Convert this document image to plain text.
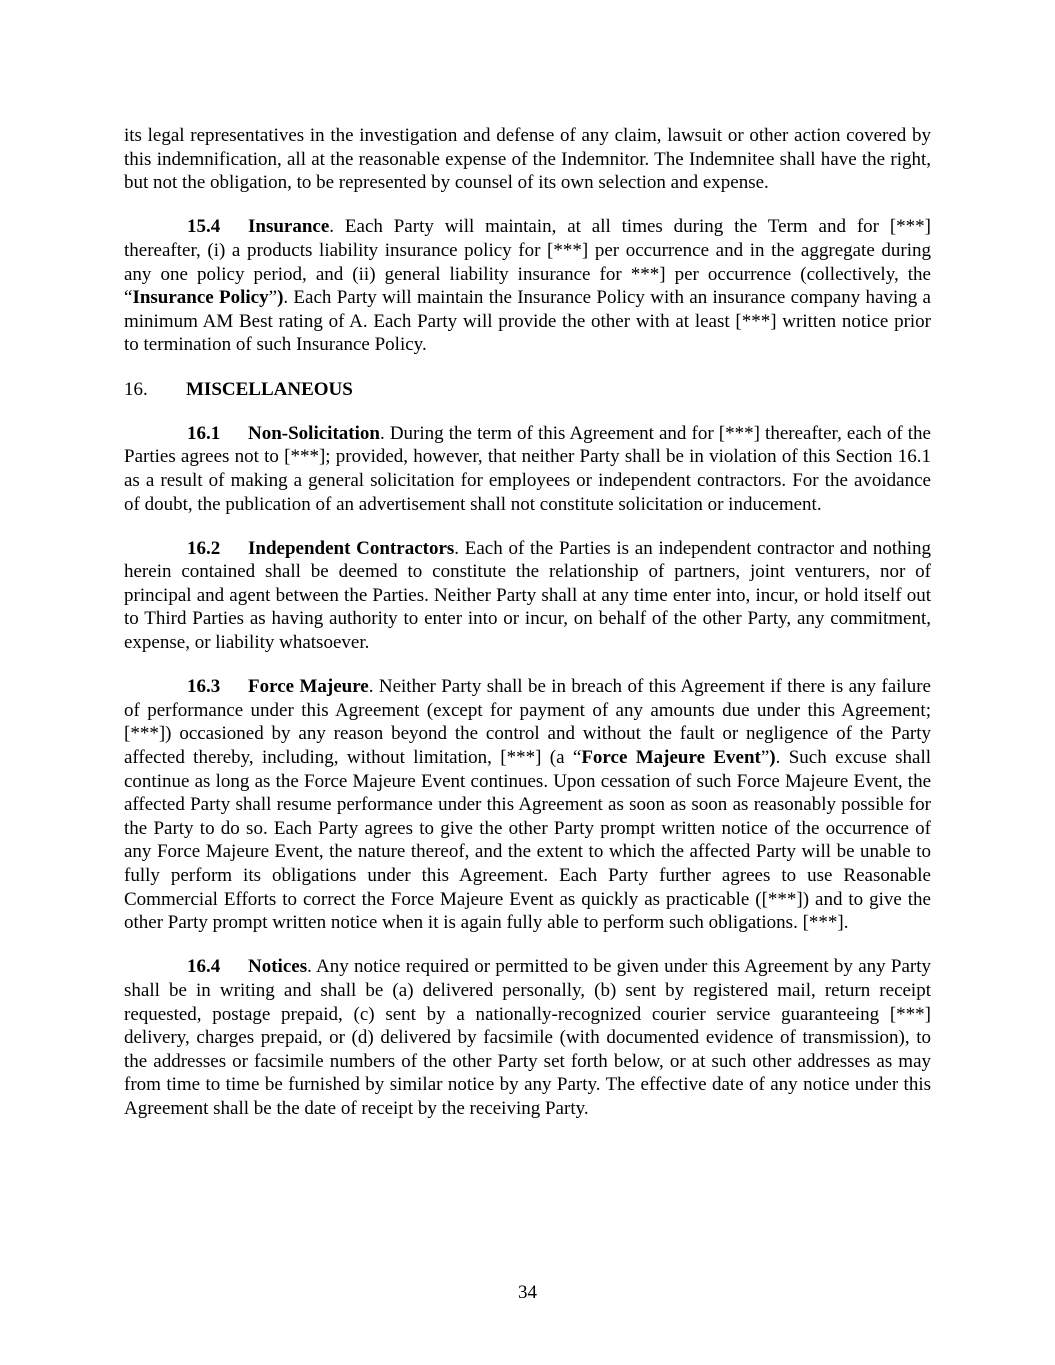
its legal representatives in the investigation and defense of any claim, lawsuit or other action covered by this indemnification, all at the reasonable expense of the Indemnitor. The Indemnitee shall have the right, but not the obligation, to be represented by counsel of its own selection and expense.

15.4 Insurance. Each Party will maintain, at all times during the Term and for [***] thereafter, (i) a products liability insurance policy for [***] per occurrence and in the aggregate during any one policy period, and (ii) general liability insurance for ***] per occurrence (collectively, the “Insurance Policy”). Each Party will maintain the Insurance Policy with an insurance company having a minimum AM Best rating of A. Each Party will provide the other with at least [***] written notice prior to termination of such Insurance Policy.

16. MISCELLANEOUS

16.1 Non-Solicitation. During the term of this Agreement and for [***] thereafter, each of the Parties agrees not to [***]; provided, however, that neither Party shall be in violation of this Section 16.1 as a result of making a general solicitation for employees or independent contractors. For the avoidance of doubt, the publication of an advertisement shall not constitute solicitation or inducement.

16.2 Independent Contractors. Each of the Parties is an independent contractor and nothing herein contained shall be deemed to constitute the relationship of partners, joint venturers, nor of principal and agent between the Parties. Neither Party shall at any time enter into, incur, or hold itself out to Third Parties as having authority to enter into or incur, on behalf of the other Party, any commitment, expense, or liability whatsoever.

16.3 Force Majeure. Neither Party shall be in breach of this Agreement if there is any failure of performance under this Agreement (except for payment of any amounts due under this Agreement; [***]) occasioned by any reason beyond the control and without the fault or negligence of the Party affected thereby, including, without limitation, [***] (a “Force Majeure Event”). Such excuse shall continue as long as the Force Majeure Event continues. Upon cessation of such Force Majeure Event, the affected Party shall resume performance under this Agreement as soon as soon as reasonably possible for the Party to do so. Each Party agrees to give the other Party prompt written notice of the occurrence of any Force Majeure Event, the nature thereof, and the extent to which the affected Party will be unable to fully perform its obligations under this Agreement. Each Party further agrees to use Reasonable Commercial Efforts to correct the Force Majeure Event as quickly as practicable ([***]) and to give the other Party prompt written notice when it is again fully able to perform such obligations. [***].

16.4 Notices. Any notice required or permitted to be given under this Agreement by any Party shall be in writing and shall be (a) delivered personally, (b) sent by registered mail, return receipt requested, postage prepaid, (c) sent by a nationally-recognized courier service guaranteeing [***] delivery, charges prepaid, or (d) delivered by facsimile (with documented evidence of transmission), to the addresses or facsimile numbers of the other Party set forth below, or at such other addresses as may from time to time be furnished by similar notice by any Party. The effective date of any notice under this Agreement shall be the date of receipt by the receiving Party.

34
